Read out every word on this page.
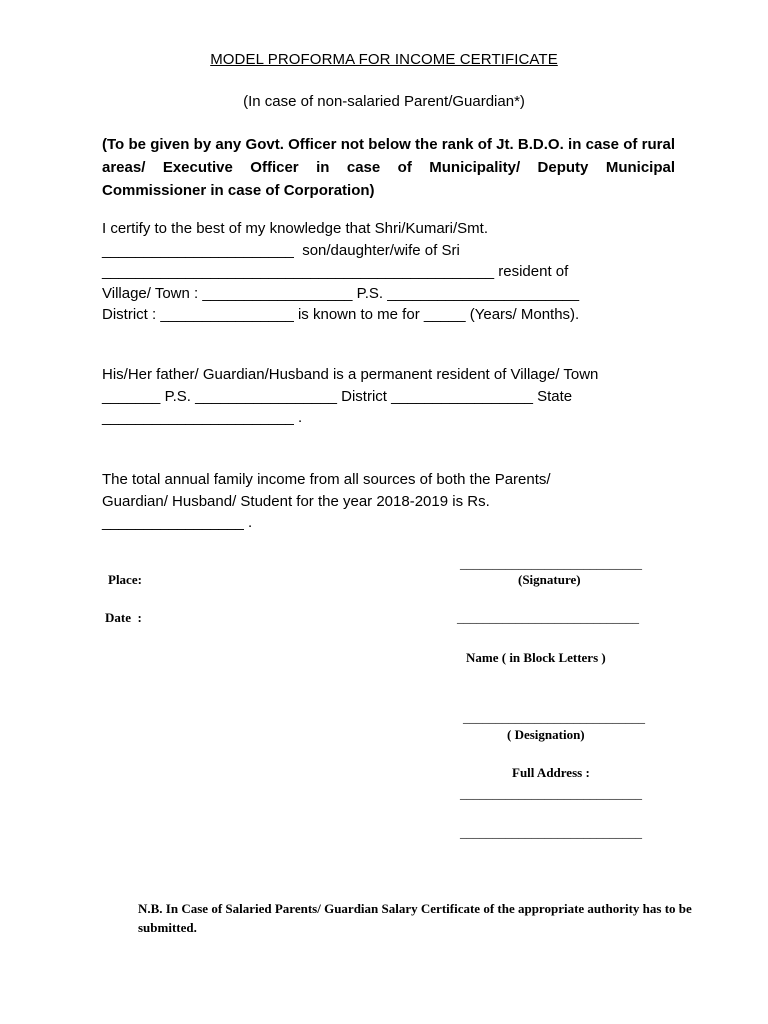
MODEL PROFORMA FOR INCOME CERTIFICATE
(In case of non-salaried Parent/Guardian*)
(To be given by any Govt. Officer not below the rank of Jt. B.D.O. in case of rural areas/ Executive Officer in case of Municipality/ Deputy Municipal Commissioner in case of Corporation)
I certify to the best of my knowledge that Shri/Kumari/Smt.
_______________________  son/daughter/wife of Sri
_______________________________________________ resident of
Village/ Town : __________________ P.S. _______________________
District : ________________ is known to me for _____ (Years/ Months).
His/Her father/ Guardian/Husband is a permanent resident of Village/ Town
_______ P.S. _________________ District _________________ State
_______________________ .
The total annual family income from all sources of both the Parents/
Guardian/ Husband/ Student for the year 2018-2019 is Rs.
_________________ .
____________________________
Place:	(Signature)
Date  :	____________________________
Name ( in Block Letters )
____________________________
( Designation)
Full Address :
____________________________
____________________________
N.B. In Case of Salaried Parents/ Guardian Salary Certificate of the appropriate authority has to be submitted.
